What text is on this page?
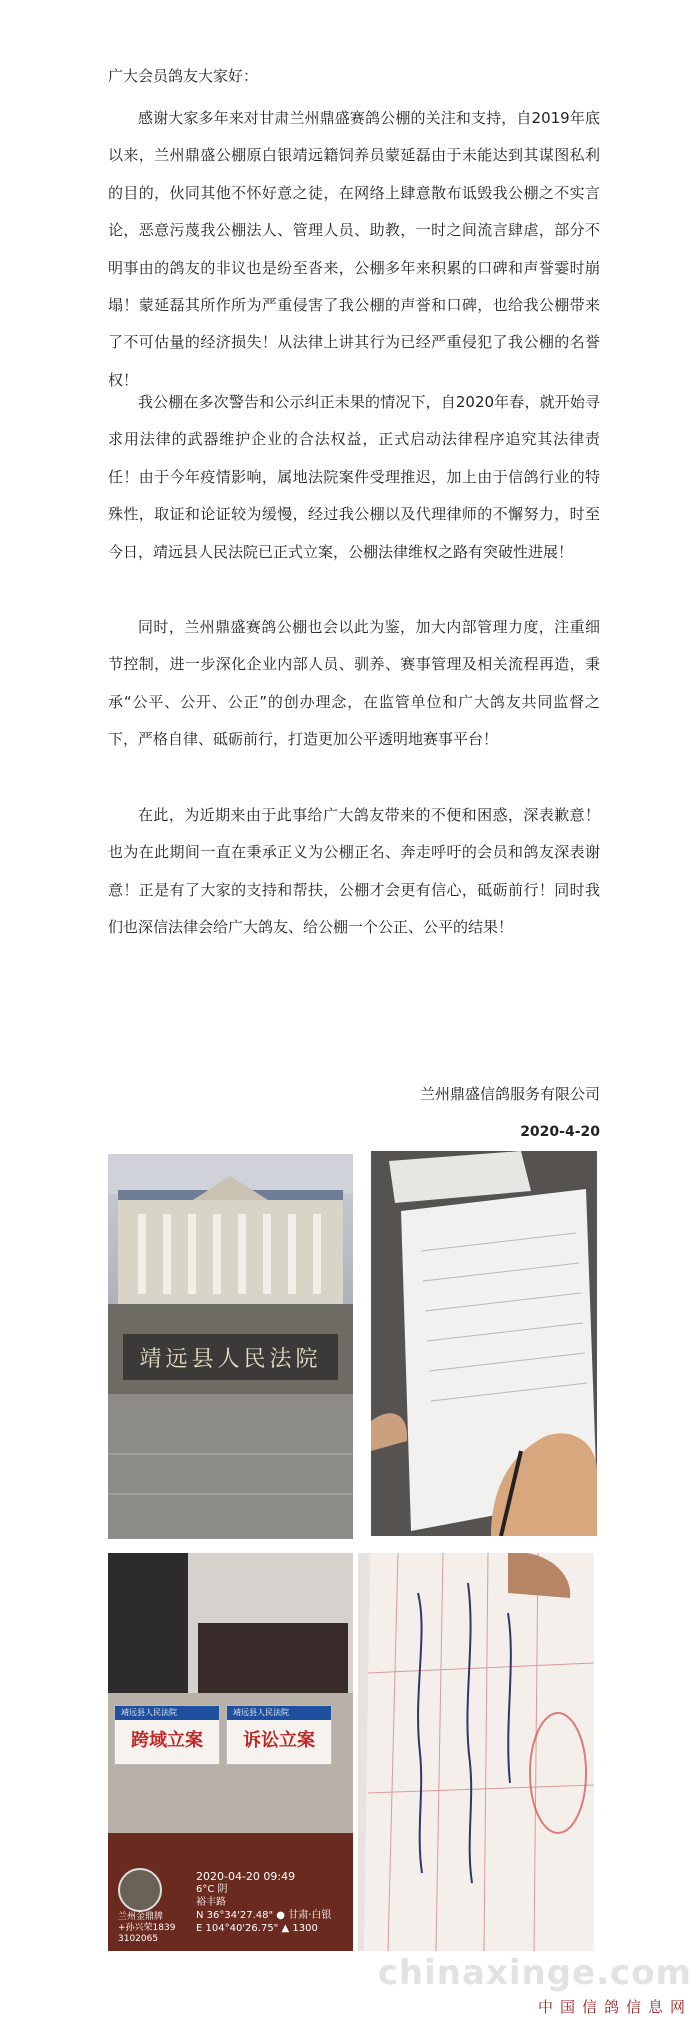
广大会员鸽友大家好：

感谢大家多年来对甘肃兰州鼎盛赛鸽公棚的关注和支持，自2019年底以来，兰州鼎盛公棚原白银靖远籍饲养员蒙延磊由于未能达到其谋图私利的目的，伙同其他不怀好意之徒，在网络上肆意散布诋毁我公棚之不实言论，恶意污蔑我公棚法人、管理人员、助教，一时之间流言肆虐，部分不明事由的鸽友的非议也是纷至沓来，公棚多年来积累的口碑和声誉霎时崩塌！蒙延磊其所作所为严重侵害了我公棚的声誉和口碑，也给我公棚带来了不可估量的经济损失！从法律上讲其行为已经严重侵犯了我公棚的名誉权！

我公棚在多次警告和公示纠正未果的情况下，自2020年春，就开始寻求用法律的武器维护企业的合法权益，正式启动法律程序追究其法律责任！由于今年疫情影响，属地法院案件受理推迟，加上由于信鸽行业的特殊性，取证和论证较为缓慢，经过我公棚以及代理律师的不懈努力，时至今日，靖远县人民法院已正式立案，公棚法律维权之路有突破性进展！

同时，兰州鼎盛赛鸽公棚也会以此为鉴，加大内部管理力度，注重细节控制，进一步深化企业内部人员、驯养、赛事管理及相关流程再造，秉承“公平、公开、公正”的创办理念，在监管单位和广大鸽友共同监督之下，严格自律、砥砺前行，打造更加公平透明地赛事平台！

在此，为近期来由于此事给广大鸽友带来的不便和困惑，深表歉意！也为在此期间一直在秉承正义为公棚正名、奔走呼吁的会员和鸽友深表谢意！正是有了大家的支持和帮扶，公棚才会更有信心，砥砺前行！同时我们也深信法律会给广大鸽友、给公棚一个公正、公平的结果！

兰州鼎盛信鸽服务有限公司
2020-4-20
靖远县人民法院
靖远县人民法院
跨域立案
靖远县人民法院
诉讼立案
兰州金鼎牌
+孙兴荣1839
3102065
2020-04-20 09:49
6°C 阴
裕丰路
N 36°34'27.48" ● 甘肃·白银
E 104°40'26.75" ▲ 1300
chinaxinge.com
中国信鸽信息网
